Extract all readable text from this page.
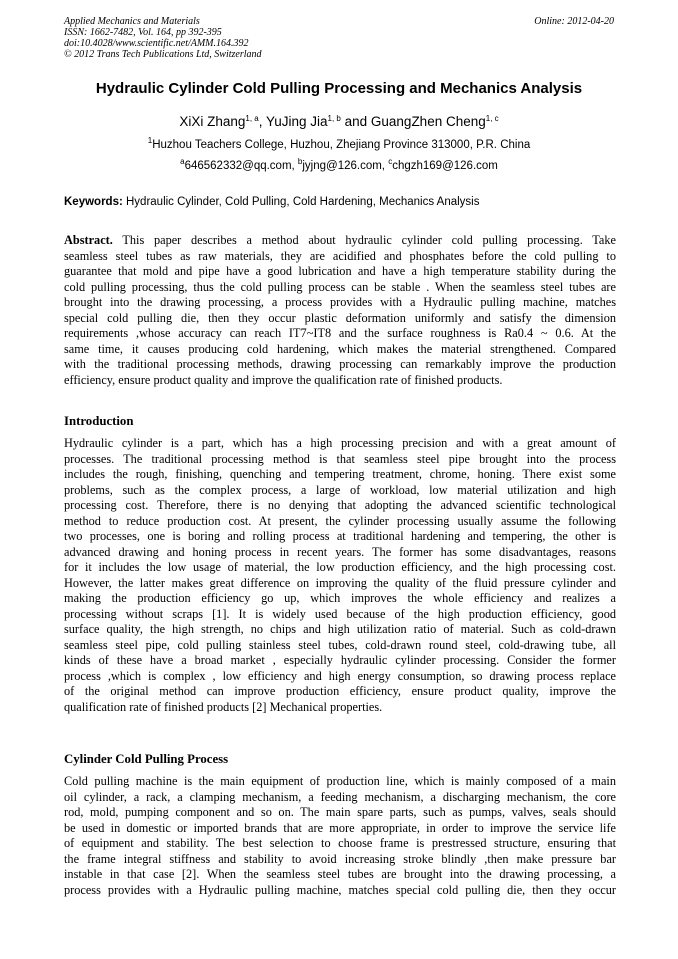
Applied Mechanics and Materials
ISSN: 1662-7482, Vol. 164, pp 392-395
doi:10.4028/www.scientific.net/AMM.164.392
© 2012 Trans Tech Publications Ltd, Switzerland
Online: 2012-04-20
Hydraulic Cylinder Cold Pulling Processing and Mechanics Analysis
XiXi Zhang$^{1, a}$, YuJing Jia$^{1, b}$ and GuangZhen Cheng$^{1, c}$
$^1$Huzhou Teachers College, Huzhou, Zhejiang Province 313000, P.R. China
$^a$646562332@qq.com, $^b$jyjng@126.com, $^c$chgzh169@126.com
Keywords: Hydraulic Cylinder, Cold Pulling, Cold Hardening, Mechanics Analysis
Abstract. This paper describes a method about hydraulic cylinder cold pulling processing. Take
seamless steel tubes as raw materials, they are acidified and phosphates before the cold pulling to
guarantee that mold and pipe have a good lubrication and have a high temperature stability during the
cold pulling processing, thus the cold pulling process can be stable . When the seamless steel tubes are
brought into the drawing processing, a process provides with a Hydraulic pulling machine, matches
special cold pulling die, then they occur plastic deformation uniformly and satisfy the dimension
requirements ,whose accuracy can reach IT7~IT8 and the surface roughness is Ra0.4 ~ 0.6. At the
same time, it causes producing cold hardening, which makes the material strengthened. Compared
with the traditional processing methods, drawing processing can remarkably improve the production
efficiency, ensure product quality and improve the qualification rate of finished products.
Introduction
Hydraulic cylinder is a part, which has a high processing precision and with a great amount of
processes. The traditional processing method is that seamless steel pipe brought into the process
includes the rough, finishing, quenching and tempering treatment, chrome, honing. There exist some
problems, such as the complex process, a large of workload, low material utilization and high
processing cost. Therefore, there is no denying that adopting the advanced scientific technological
method to reduce production cost. At present, the cylinder processing usually assume the following
two processes, one is boring and rolling process at traditional hardening and tempering, the other is
advanced drawing and honing process in recent years. The former has some disadvantages, reasons
for it includes the low usage of material, the low production efficiency, and the high processing cost.
However, the latter makes great difference on improving the quality of the fluid pressure cylinder and
making the production efficiency go up, which improves the whole efficiency and realizes a
processing without scraps [1]. It is widely used because of the high production efficiency, good
surface quality, the high strength, no chips and high utilization ratio of material. Such as cold-drawn
seamless steel pipe, cold pulling stainless steel tubes, cold-drawn round steel, cold-drawing tube, all
kinds of these have a broad market , especially hydraulic cylinder processing. Consider the former
process ,which is complex , low efficiency and high energy consumption, so drawing process replace
of the original method can improve production efficiency, ensure product quality, improve the
qualification rate of finished products [2] Mechanical properties.
Cylinder Cold Pulling Process
Cold pulling machine is the main equipment of production line, which is mainly composed of a main
oil cylinder, a rack, a clamping mechanism, a feeding mechanism, a discharging mechanism, the core
rod, mold, pumping component and so on. The main spare parts, such as pumps, valves, seals should
be used in domestic or imported brands that are more appropriate, in order to improve the service life
of equipment and stability. The best selection to choose frame is prestressed structure, ensuring that
the frame integral stiffness and stability to avoid increasing stroke blindly ,then make pressure bar
instable in that case [2]. When the seamless steel tubes are brought into the drawing processing, a
process provides with a Hydraulic pulling machine, matches special cold pulling die, then they occur
